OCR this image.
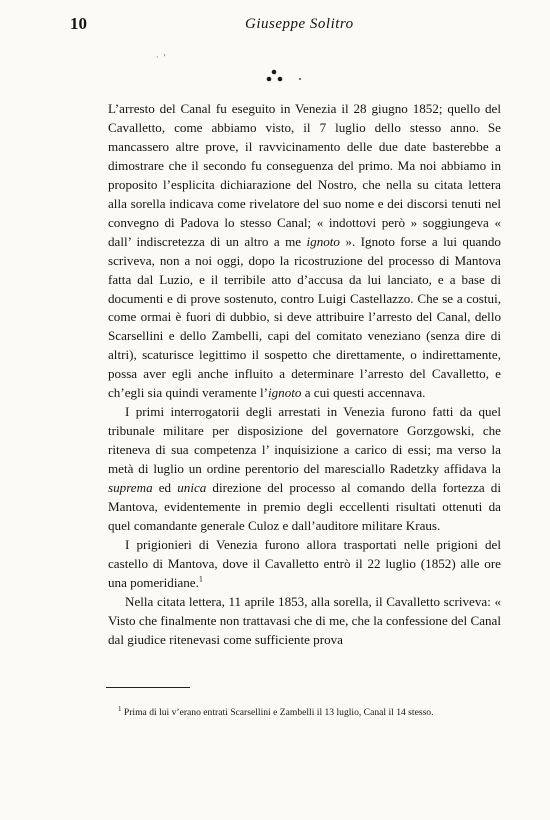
·  '
10	Giuseppe Solitro

L’arresto del Canal fu eseguito in Venezia il 28 giugno 1852; quello del Cavalletto, come abbiamo visto, il 7 luglio dello stesso anno. Se mancassero altre prove, il ravvicinamento delle due date basterebbe a dimostrare che il secondo fu conseguenza del primo. Ma noi abbiamo in proposito l’esplicita dichiarazione del Nostro, che nella su citata lettera alla sorella indicava come rivelatore del suo nome e dei discorsi tenuti nel convegno di Padova lo stesso Canal; « indottovi però » soggiungeva « dall’ indiscretezza di un altro a me ignoto ». Ignoto forse a lui quando scriveva, non a noi oggi, dopo la ricostruzione del processo di Mantova fatta dal Luzio, e il terribile atto d’accusa da lui lanciato, e a base di documenti e di prove sostenuto, contro Luigi Castellazzo. Che se a costui, come ormai è fuori di dubbio, si deve attribuire l’arresto del Canal, dello Scarsellini e dello Zambelli, capi del comitato veneziano (senza dire di altri), scaturisce legittimo il sospetto che direttamente, o indirettamente, possa aver egli anche influito a determinare l’arresto del Cavalletto, e ch’egli sia quindi veramente l’ignoto a cui questi accennava.

I primi interrogatorii degli arrestati in Venezia furono fatti da quel tribunale militare per disposizione del governatore Gorzgowski, che riteneva di sua competenza l’ inquisizione a carico di essi; ma verso la metà di luglio un ordine perentorio del maresciallo Radetzky affidava la suprema ed unica direzione del processo al comando della fortezza di Mantova, evidentemente in premio degli eccellenti risultati ottenuti da quel comandante generale Culoz e dall’auditore militare Kraus.

I prigionieri di Venezia furono allora trasportati nelle prigioni del castello di Mantova, dove il Cavalletto entrò il 22 luglio (1852) alle ore una pomeridiane.$^1$

Nella citata lettera, 11 aprile 1853, alla sorella, il Cavalletto scriveva: « Visto che finalmente non trattavasi che di me, che la confessione del Canal dal giudice ritenevasi come sufficiente prova

$^1$ Prima di lui v’erano entrati Scarsellini e Zambelli il 13 luglio, Canal il 14 stesso.
